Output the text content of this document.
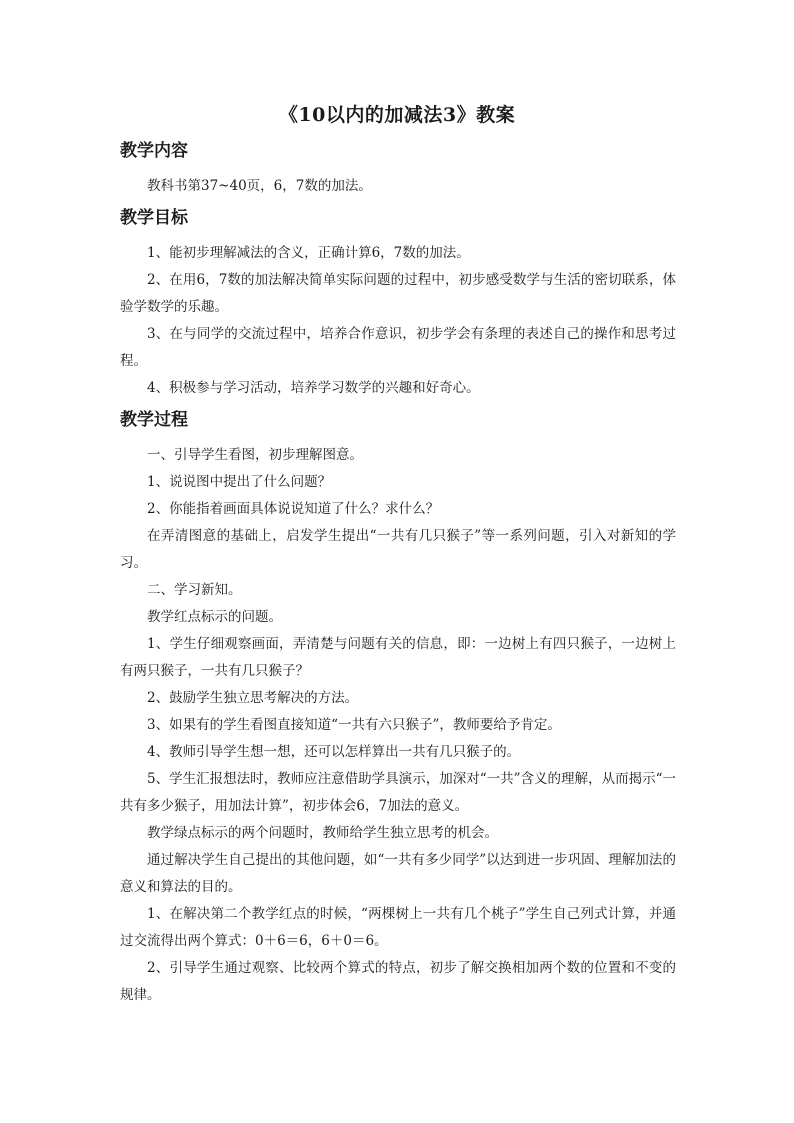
《10以内的加减法3》教案
教学内容

教科书第37~40页，6，7数的加法。

教学目标

1、能初步理解减法的含义，正确计算6，7数的加法。

2、在用6，7数的加法解决简单实际问题的过程中，初步感受数学与生活的密切联系，体验学数学的乐趣。

3、在与同学的交流过程中，培养合作意识，初步学会有条理的表述自己的操作和思考过程。

4、积极参与学习活动，培养学习数学的兴趣和好奇心。

教学过程

一、引导学生看图，初步理解图意。

1、说说图中提出了什么问题？

2、你能指着画面具体说说知道了什么？求什么？

在弄清图意的基础上，启发学生提出“一共有几只猴子”等一系列问题，引入对新知的学习。

二、学习新知。

教学红点标示的问题。

1、学生仔细观察画面，弄清楚与问题有关的信息，即：一边树上有四只猴子，一边树上有两只猴子，一共有几只猴子？

2、鼓励学生独立思考解决的方法。

3、如果有的学生看图直接知道“一共有六只猴子”，教师要给予肯定。

4、教师引导学生想一想，还可以怎样算出一共有几只猴子的。

5、学生汇报想法时，教师应注意借助学具演示，加深对“一共”含义的理解，从而揭示“一共有多少猴子，用加法计算”，初步体会6，7加法的意义。

教学绿点标示的两个问题时，教师给学生独立思考的机会。

通过解决学生自己提出的其他问题，如“一共有多少同学”以达到进一步巩固、理解加法的意义和算法的目的。

1、在解决第二个教学红点的时候，“两棵树上一共有几个桃子”学生自己列式计算，并通过交流得出两个算式：0＋6＝6，6＋0＝6。

2、引导学生通过观察、比较两个算式的特点，初步了解交换相加两个数的位置和不变的规律。
